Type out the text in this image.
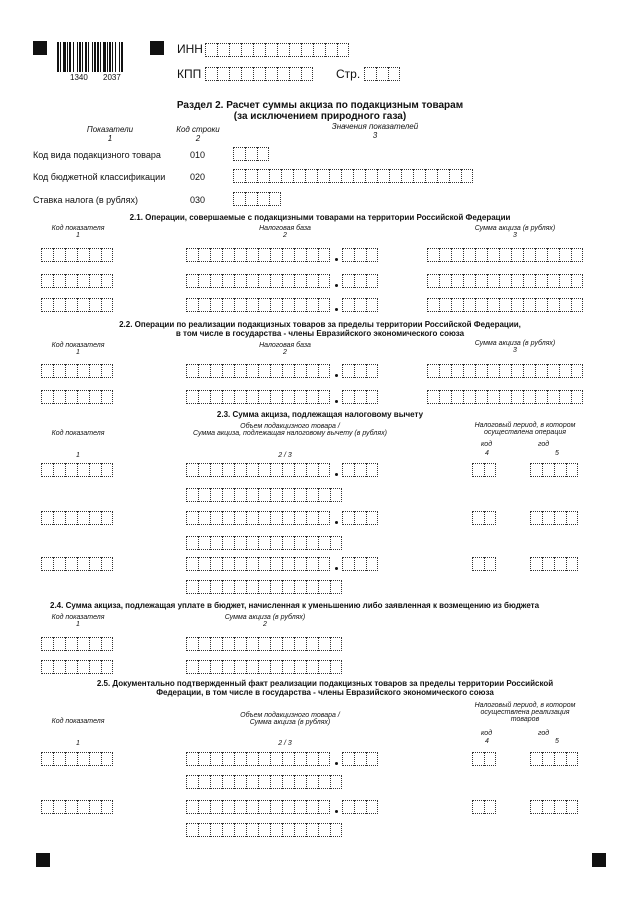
1340 2037
ИНН
КПП	Стр.
Раздел 2. Расчет суммы акциза по подакцизным товарам
(за исключением природного газа)
Показатели
1
Код строки
2
Значения показателей
3
Код вида подакцизного товара	010
Код бюджетной классификации	020
Ставка налога (в рублях)	030
2.1. Операции, совершаемые с подакцизными товарами на территории Российской Федерации
Код показателя
1
Налоговая база
2
Сумма акциза (в рублях)
3
2.2. Операции по реализации подакцизных товаров за пределы территории Российской Федерации,
в том числе в государства - члены Евразийского экономического союза
Код показателя
1
Налоговая база
2
Сумма акциза (в рублях)
3
2.3. Сумма акциза, подлежащая налоговому вычету
Код показателя
1
Объем подакцизного товара /
Сумма акциза, подлежащая налоговому вычету (в рублях)
2 / 3
Налоговый период, в котором
осуществлена операция
код	год
4	5
2.4. Сумма акциза, подлежащая уплате в бюджет, начисленная к уменьшению либо заявленная к возмещению из бюджета
Код показателя
1
Сумма акциза (в рублях)
2
2.5. Документально подтвержденный факт реализации подакцизных товаров за пределы территории Российской
Федерации, в том числе в государства - члены Евразийского экономического союза
Код показателя
1
Объем подакцизного товара /
Сумма акциза (в рублях)
2 / 3
Налоговый период, в котором
осуществлена реализация
товаров
код	год
4	5
